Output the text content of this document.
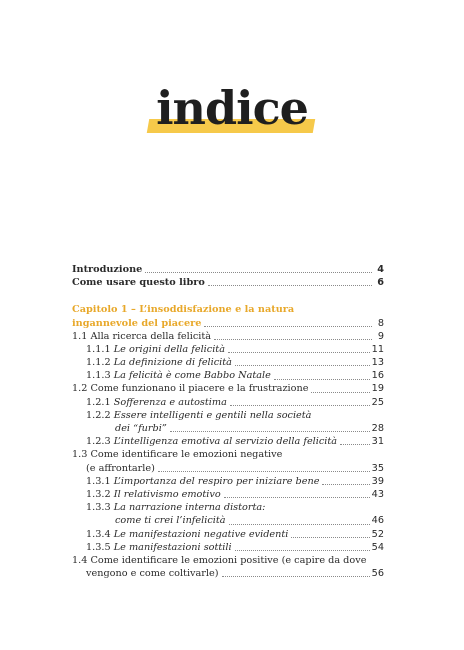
indice
Introduzione	4
Come usare questo libro	6
Capitolo 1 – L’insoddisfazione e la natura
ingannevole del piacere	8
1.1 Alla ricerca della felicità	9
1.1.1 Le origini della felicità	11
1.1.2 La definizione di felicità	13
1.1.3 La felicità è come Babbo Natale	16
1.2 Come funzionano il piacere e la frustrazione	19
1.2.1 Sofferenza e autostima	25
1.2.2 Essere intelligenti e gentili nella società
dei “furbi”	28
1.2.3 L’intelligenza emotiva al servizio della felicità	31
1.3 Come identificare le emozioni negative
(e affrontarle)	35
1.3.1 L’importanza del respiro per iniziare bene	39
1.3.2 Il relativismo emotivo	43
1.3.3 La narrazione interna distorta:
come ti crei l’infelicità	46
1.3.4 Le manifestazioni negative evidenti	52
1.3.5 Le manifestazioni sottili	54
1.4 Come identificare le emozioni positive (e capire da dove
vengono e come coltivarle)	56
